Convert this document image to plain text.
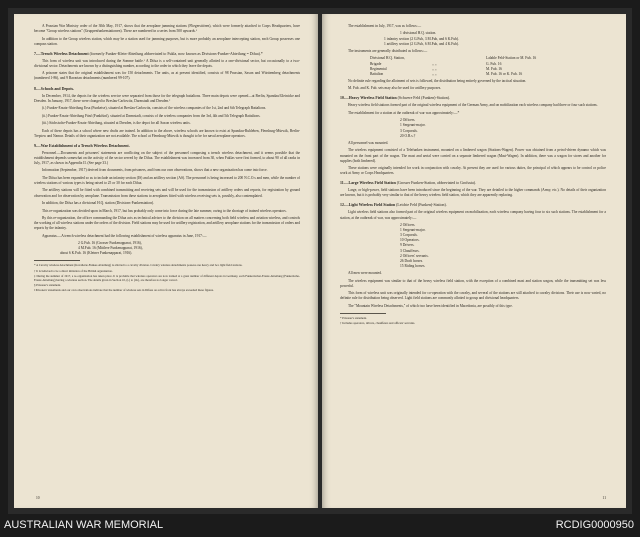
A Prussian War Ministry order of the 30th May, 1917, shows that the aeroplane jamming stations (Fliegersttören), which were formerly attached to Corps Headquarters, have become "Group wireless stations" (Gruppenfunkenstationen). These are numbered in a series from 500 upwards.¹

In addition to the Group wireless station, which may be a station used for jamming purposes, but is more probably an aeroplane intercepting station, each Group possesses one compass station.

7.—Trench Wireless Detachment (formerly Funker-Klein-Abteilung abbreviated to Fukla, now known as Divisions-Funker-Abteilung = Difua).*

This form of wireless unit was introduced during the Somme battle.¹ A Difua is a self-contained unit generally allotted to a one-divisional sector, but occasionally to a two-divisional sector. Detachments are known by a distinguishing number, according to the order in which they leave the depots.

A prisoner states that the original establishment was for 150 detachments. The units, as at present identified, consists of 98 Prussian, Saxon and Württemberg detachments (numbered 1-86), and 9 Bavarian detachments (numbered 99-107).

8.—Schools and Depots.

In December, 1914, the depots for the wireless service were separated from those for the telegraph battalions. Three main depots were opened—at Berlin, Spandau/Gleinicke and Dresden. In January, 1917, these were changed to Breslau-Carlowitz, Darmstadt and Dresden.²

(i.) Funker-Ersatz-Abteilung Ersa (Funkeise), situated at Breslau-Carlowitz, consists of the wireless companies of the 1st, 2nd and 6th Telegraph Battalions.

(ii.) Funker-Ersatz-Abteilung Fünf (Funkfünf), situated at Darmstadt, consists of the wireless companies from the 3rd, 4th and 5th Telegraph Battalions.

(iii.) Sächsische-Funker-Ersatz-Abteilung, situated at Dresden, is the depot for all Saxon wireless units.

Each of these depots has a school where new drafts are trained. In addition to the above, wireless schools are known to exist at Spandau-Ruhleben, Flensburg-Mürwik, Berlin-Treptow and Namur. Details of their organization are not available. The school at Flensburg-Mürwik is thought to be for naval aeroplane operators.

9.—War Establishment of a Trench Wireless Detachment.

Personnel.—Documents and prisoners' statements are conflicting on the subject of the personnel composing a trench wireless detachment, and it seems possible that the establishment depends somewhat on the activity of the sector served by the Difua. The establishment was increased from 30, when Fuklas were first formed, to about 90 of all ranks in July, 1917, as shown in Appendix II. (See page 33.)

Information (September, 1917) derived from documents, from prisoners, and from our own observations, shows that a new organization has come into force.

The Difua has been expanded so as to include an infantry section (IS) and an artillery section (AS). The personnel is being increased to 200 N.C.O.s and men, while the number of wireless stations of various types is being raised to 25 or 30 for each Difua.

The artillery stations will be fitted with combined transmitting and receiving sets and will be used for the transmission of artillery orders and reports, for registration by ground observation and for observation by aeroplane. Transmission from these stations to aeroplanes fitted with wireless receiving sets is, possibly, also contemplated.

In addition, the Difua has a divisional H.Q. station (Divisions-Funkenstation).

This re-organization was decided upon in March, 1917, but has probably only come into force during the late summer, owing to the shortage of trained wireless operators.

By this re-organization, the officer commanding the Difua acts as technical adviser to the division on all matters concerning both field wireless and aviation wireless, and controls the working of all wireless stations under the orders of the division. Field stations may be used for artillery registration, and artillery aeroplane stations for the transmission of orders and reports by the infantry.

Apparatus.—A trench wireless detachment had the following establishment of wireless apparatus in June, 1917:—

2 G.Fub. 16 (Grosser Funkenapparat, 1916),
4 M.Fub. 16 (Mittlere Funkenapparat, 1916),
about 6 K.Fub. 16 (Kleiner Funkenapparat, 1916).

* A Cavalry wireless detachment (Kavallerie-Funker-Abteilung) is allotted to a cavalry division. Cavalry wireless detachments possess one heavy and two light field stations.

† It is believed to be a direct imitation of the British organization.

‡ During the summer of 1917, a re-organization has taken place. It is probable that wireless operators are now trained at a great number of different depots in Germany, each Funkerischer-Ersatz-Abteilung (Funkerische-Ersatz-Abteilung) having a wireless section. The details given in Section 10, (i.) to (iii.), are therefore no longer correct.

§ Prisoner's statement.

‖ Prisoners' statements and our own observations indicate that the number of wireless sets in Difuas on active front has always exceeded these figures.

10

The establishment in July, 1917, was as follows:—

1 divisional H.Q. station.
1 infantry section (2 G.Fub, 3 M.Fub, and 6 K.Fub).
1 artillery section (2 G.Fub, 6 M.Fub, and 4 K.Fub).

The instruments are generally distributed as follows:—

Divisional H.Q. Station,	Lalable Feld-Station or M. Fub. 16
Brigade	,, ,,	G. Fub. 16
Regimental	,, ,,	M. Fub. 16
Battalion	,, ,,	M. Fub. 16 or K. Fub. 16

No definite rule regarding the allotment of sets is followed, the distribution being entirely governed by the tactical situation.

M. Fub. and K. Fub. sets may also be used for artillery purposes.

10.—Heavy Wireless Field Station (Schwere Feld (Funken)-Station).

Heavy wireless field stations formed part of the original wireless equipment of the German Army, and on mobilization each wireless company had three or four such stations.

The establishment for a station at the outbreak of war was approximately:—*

2 Officers.
1 Sergeant-major.
3 Corporals.
20 O.R.s.†

All personnel was mounted.

The wireless equipment consisted of a Telefunken instrument, mounted on a limbered wagon (Stations-Wagen). Power was obtained from a petrol-driven dynamo which was mounted on the front part of the wagon. The mast and aerial were carried on a separate limbered wagon (Mast-Wagen). In addition, there was a wagon for stores and another for supplies (both limbered).

These stations were originally intended for work in conjunction with cavalry. At present they are used for various duties, the principal of which appears to be control or police work at Army or Corps Headquarters.

11.—Large Wireless Field Station (Grosser Funken-Station, abbreviated to Grofusta).

Large, or high-power, field stations have been introduced since the beginning of the war. They are detailed to the higher commands (Army, etc.). No details of their organization are known, but it is probably very similar to that of the heavy wireless field station, which they are apparently replacing.

12.—Light Wireless Field Station (Leichte Feld (Funken)-Station).

Light wireless field stations also formed part of the original wireless equipment on mobilization, each wireless company having four to six such stations. The establishment for a station, at the outbreak of war, was approximately:—

2 Officers.
1 Sergeant-major.
3 Corporals.
10 Operators.
9 Drivers.
3 Chauffeurs.
2 Officers' servants.
26 Draft horses.
15 Riding horses.

All men were mounted.

The wireless equipment was similar to that of the heavy wireless field station, with the exception of a combined mast and station wagon, while the transmitting set was less powerful.

This form of wireless unit was originally intended for co-operation with the cavalry, and several of the stations are still attached to cavalry divisions. Their use is now varied, no definite rule for distribution being observed. Light field stations are commonly allotted to group and divisional headquarters.

The "Mountain Wireless Detachments," of which two have been identified in Macedonia, are possibly of this type.

* Prisoner's statement.

† Includes operators, drivers, chauffeurs and officers' servants.

11
AUSTRALIAN WAR MEMORIAL	RCDIG0000950
